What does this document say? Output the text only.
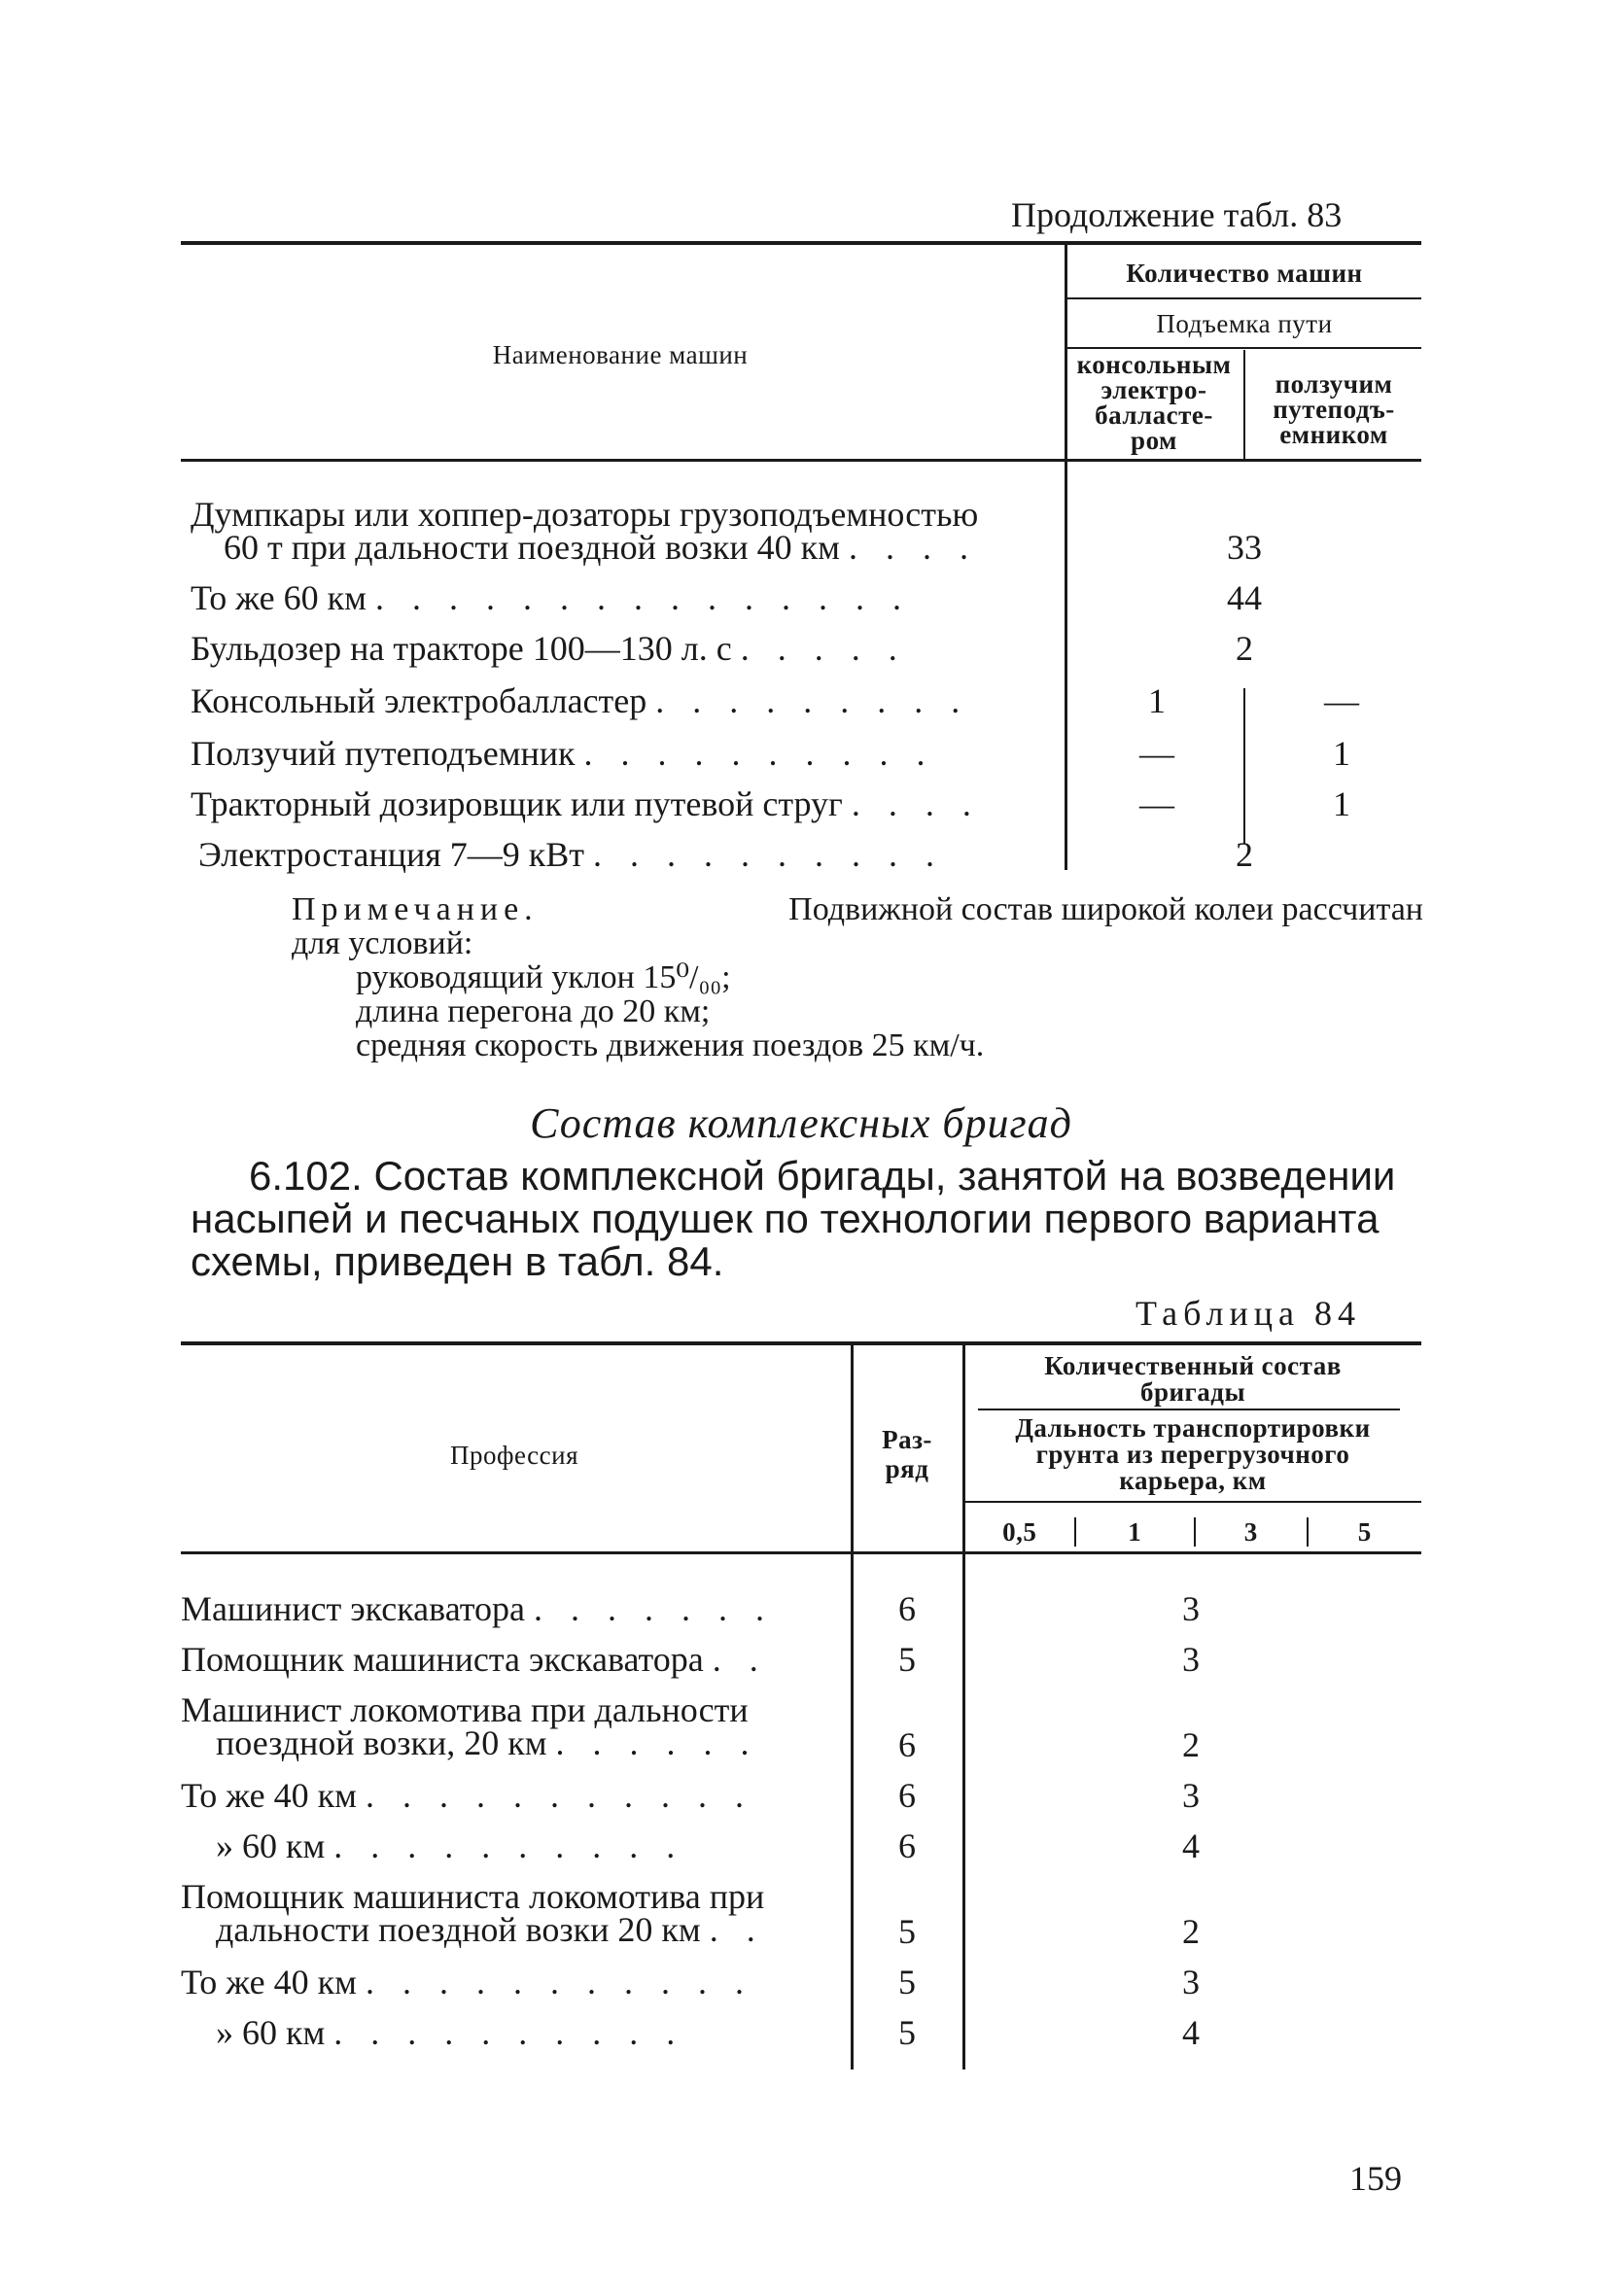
Продолжение табл. 83
Наименование машин
Количество машин
Подъемка пути
консольным
электро-
балласте-
ром
ползучим
путеподъ-
емником
Думпкары или хоппер-дозаторы грузоподъемностью
60 т при дальности поездной возки 40 км . . . .	33
То же 60 км . . . . . . . . . . . . . . .	44
Бульдозер на тракторе 100—130 л. с . . . . .	2
Консольный электробалластер . . . . . . . . .	1	—
Ползучий путеподъемник . . . . . . . . . .	—	1
Тракторный дозировщик или путевой струг . . . .	—	1
Электростанция 7—9 кВт . . . . . . . . . .	2
Примечание.	Подвижной состав широкой колеи рассчитан
для условий:
руководящий уклон 15⁰/₀₀;
длина перегона до 20 км;
средняя скорость движения поездов 25 км/ч.
Состав комплексных бригад
6.102. Состав комплексной бригады, занятой на возведении
насыпей и песчаных подушек по технологии первого варианта
схемы, приведен в табл. 84.
Таблица 84
Профессия
Раз-
ряд
Количественный состав
бригады
Дальность транспортировки
грунта из перегрузочного
карьера, км
0,5	1	3	5
Машинист экскаватора . . . . . . .	6	3
Помощник машиниста экскаватора . .	5	3
Машинист локомотива при дальности
поездной возки, 20 км . . . . . .	6	2
То же 40 км . . . . . . . . . . .	6	3
» 60 км . . . . . . . . . .	6	4
Помощник машиниста локомотива при
дальности поездной возки 20 км . .	5	2
То же 40 км . . . . . . . . . . .	5	3
» 60 км . . . . . . . . . .	5	4
159
